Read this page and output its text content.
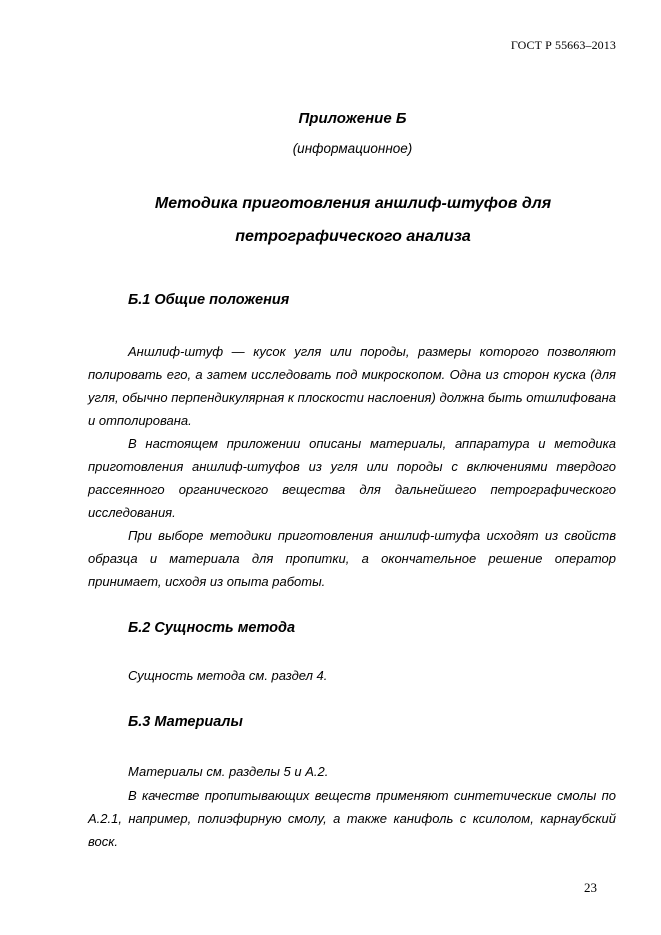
ГОСТ Р 55663–2013
Приложение Б
(информационное)
Методика приготовления аншлиф-штуфов для петрографического анализа
Б.1 Общие положения
Аншлиф-штуф — кусок угля или породы, размеры которого позволяют полировать его, а затем исследовать под микроскопом. Одна из сторон куска (для угля, обычно перпендикулярная к плоскости наслоения) должна быть отшлифована и отполирована.
В настоящем приложении описаны материалы, аппаратура и методика приготовления аншлиф-штуфов из угля или породы с включениями твердого рассеянного органического вещества для дальнейшего петрографического исследования.
При выборе методики приготовления аншлиф-штуфа исходят из свойств образца и материала для пропитки, а окончательное решение оператор принимает, исходя из опыта работы.
Б.2 Сущность метода
Сущность метода см. раздел 4.
Б.3 Материалы
Материалы см. разделы 5 и А.2.
В качестве пропитывающих веществ применяют синтетические смолы по А.2.1, например, полиэфирную смолу, а также канифоль с ксилолом, карнаубский воск.
23
